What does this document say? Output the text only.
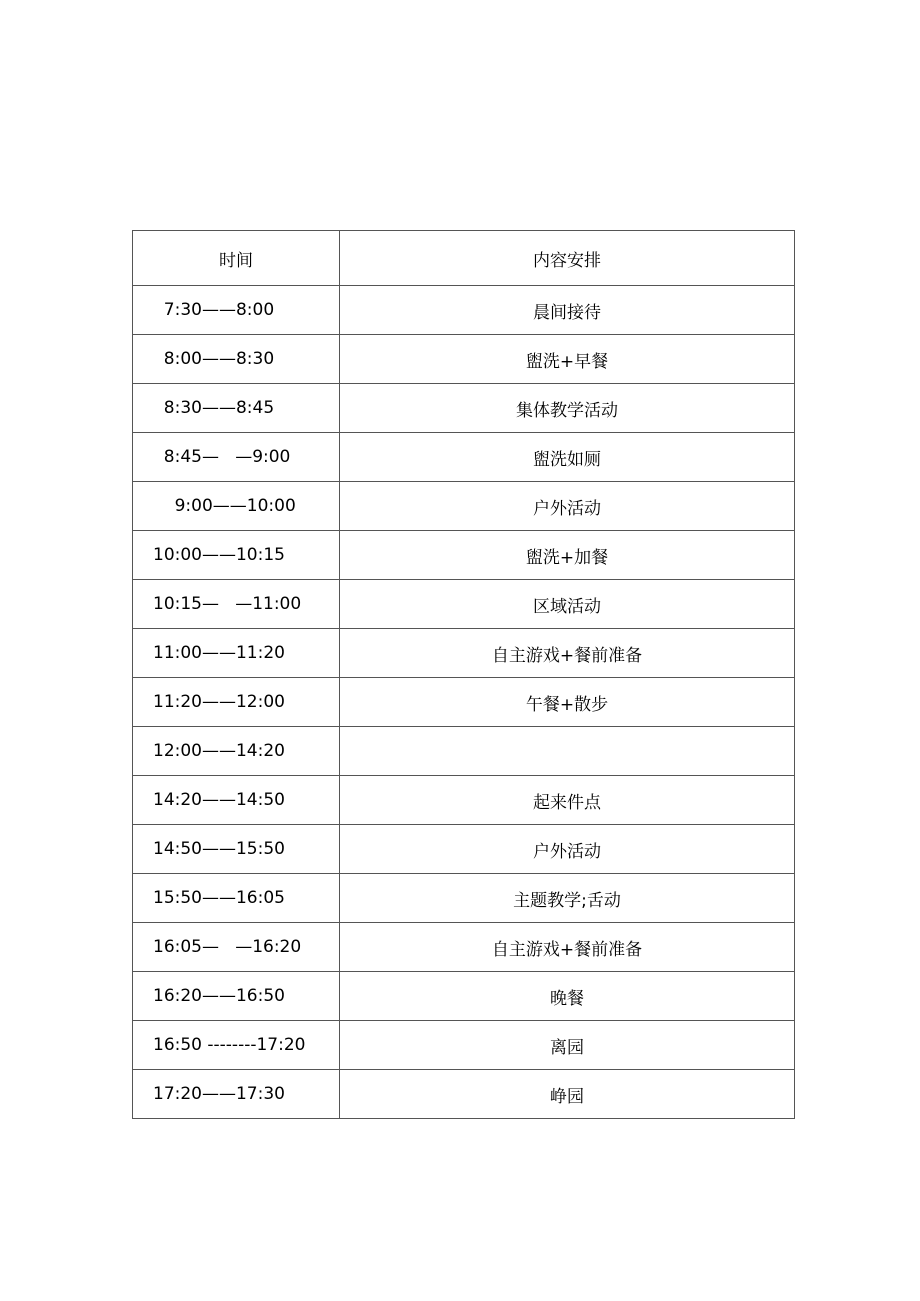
时间	内容安排
7:30——8:00	晨间接待
8:00——8:30	盥洗+早餐
8:30——8:45	集体教学活动
8:45—   —9:00	盥洗如厕
9:00——10:00	户外活动
10:00——10:15	盥洗+加餐
10:15—   —11:00	区域活动
11:00——11:20	自主游戏+餐前准备
11:20——12:00	午餐+散步
12:00——14:20	
14:20——14:50	起来件点
14:50——15:50	户外活动
15:50——16:05	主题教学;舌动
16:05—   —16:20	自主游戏+餐前准备
16:20——16:50	晚餐
16:50 --------17:20	离园
17:20——17:30	峥园
